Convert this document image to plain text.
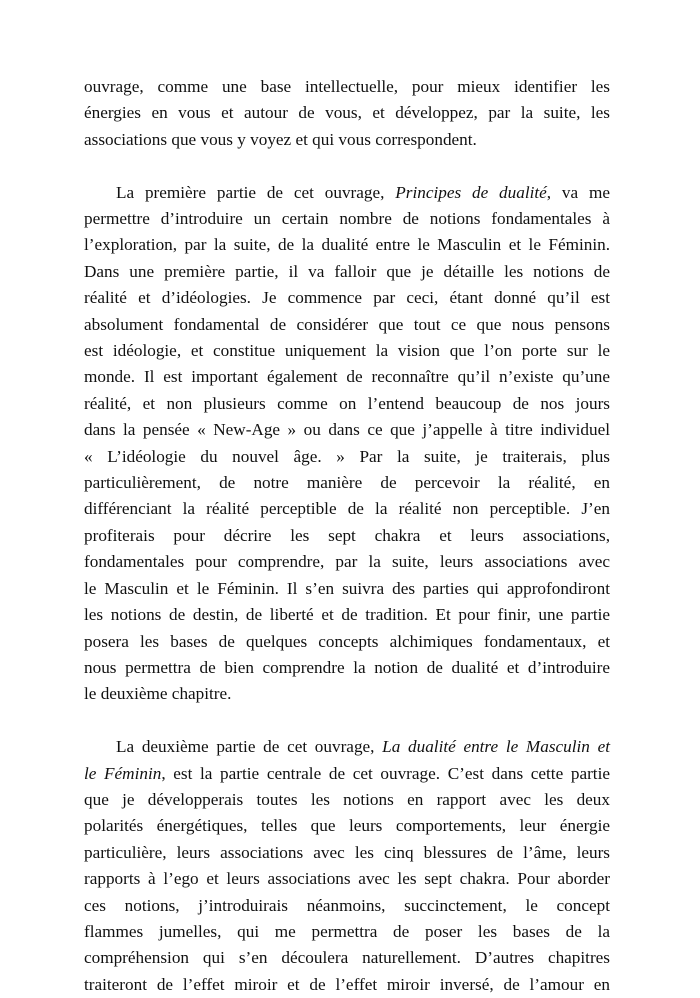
ouvrage, comme une base intellectuelle, pour mieux identifier les
énergies en vous et autour de vous, et développez, par la suite, les
associations que vous y voyez et qui vous correspondent.
La première partie de cet ouvrage, Principes de dualité, va me
permettre d’introduire un certain nombre de notions fondamentales à
l’exploration, par la suite, de la dualité entre le Masculin et le Féminin.
Dans une première partie, il va falloir que je détaille les notions de
réalité et d’idéologies. Je commence par ceci, étant donné qu’il est
absolument fondamental de considérer que tout ce que nous pensons
est idéologie, et constitue uniquement la vision que l’on porte sur le
monde. Il est important également de reconnaître qu’il n’existe qu’une
réalité, et non plusieurs comme on l’entend beaucoup de nos jours
dans la pensée « New-Age » ou dans ce que j’appelle à titre individuel
« L’idéologie du nouvel âge. » Par la suite, je traiterais, plus
particulièrement, de notre manière de percevoir la réalité, en
différenciant la réalité perceptible de la réalité non perceptible. J’en
profiterais pour décrire les sept chakra et leurs associations,
fondamentales pour comprendre, par la suite, leurs associations avec
le Masculin et le Féminin. Il s’en suivra des parties qui approfondiront
les notions de destin, de liberté et de tradition. Et pour finir, une partie
posera les bases de quelques concepts alchimiques fondamentaux, et
nous permettra de bien comprendre la notion de dualité et d’introduire
le deuxième chapitre.
La deuxième partie de cet ouvrage, La dualité entre le Masculin et
le Féminin, est la partie centrale de cet ouvrage. C’est dans cette partie
que je développerais toutes les notions en rapport avec les deux
polarités énergétiques, telles que leurs comportements, leur énergie
particulière, leurs associations avec les cinq blessures de l’âme, leurs
rapports à l’ego et leurs associations avec les sept chakra. Pour aborder
ces notions, j’introduirais néanmoins, succinctement, le concept
flammes jumelles, qui me permettra de poser les bases de la
compréhension qui s’en découlera naturellement. D’autres chapitres
traiteront de l’effet miroir et de l’effet miroir inversé, de l’amour en
